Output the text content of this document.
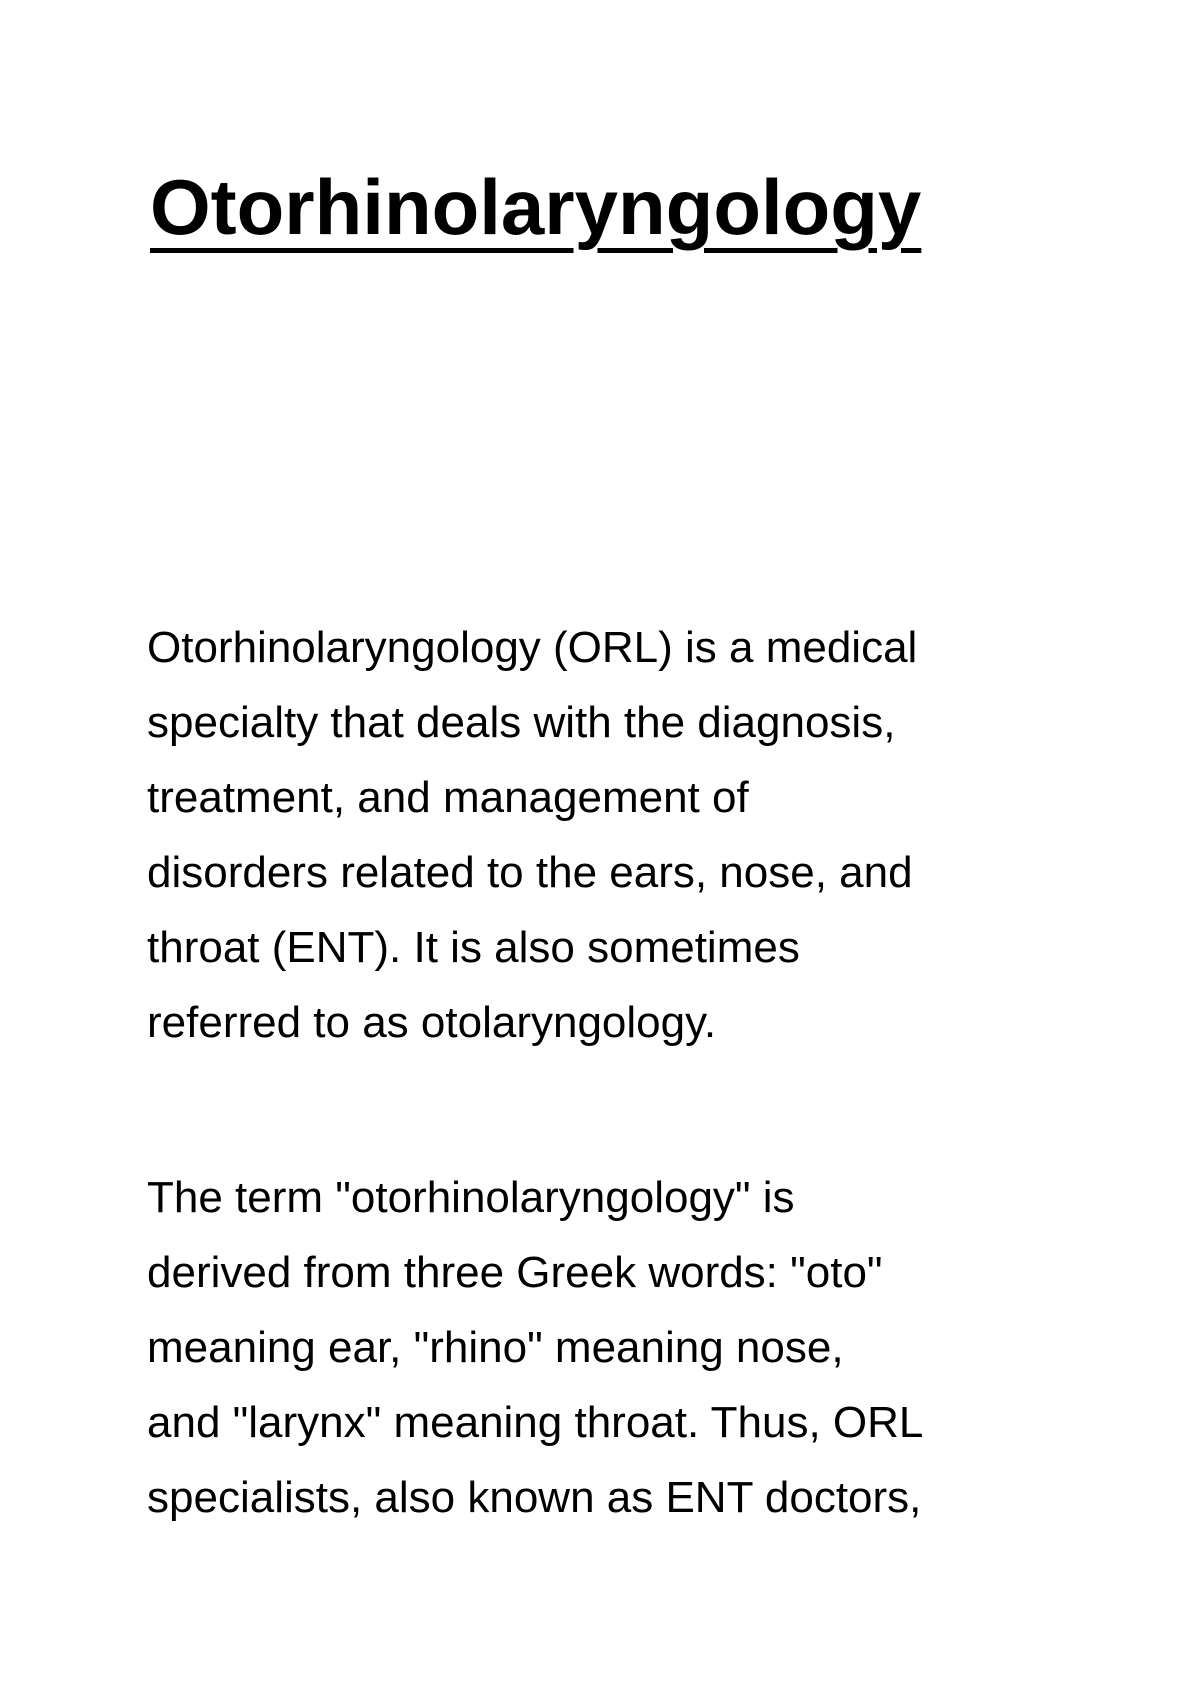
Otorhinolaryngology

Otorhinolaryngology (ORL) is a medical
specialty that deals with the diagnosis,
treatment, and management of
disorders related to the ears, nose, and
throat (ENT). It is also sometimes
referred to as otolaryngology.

The term "otorhinolaryngology" is
derived from three Greek words: "oto"
meaning ear, "rhino" meaning nose,
and "larynx" meaning throat. Thus, ORL
specialists, also known as ENT doctors,
